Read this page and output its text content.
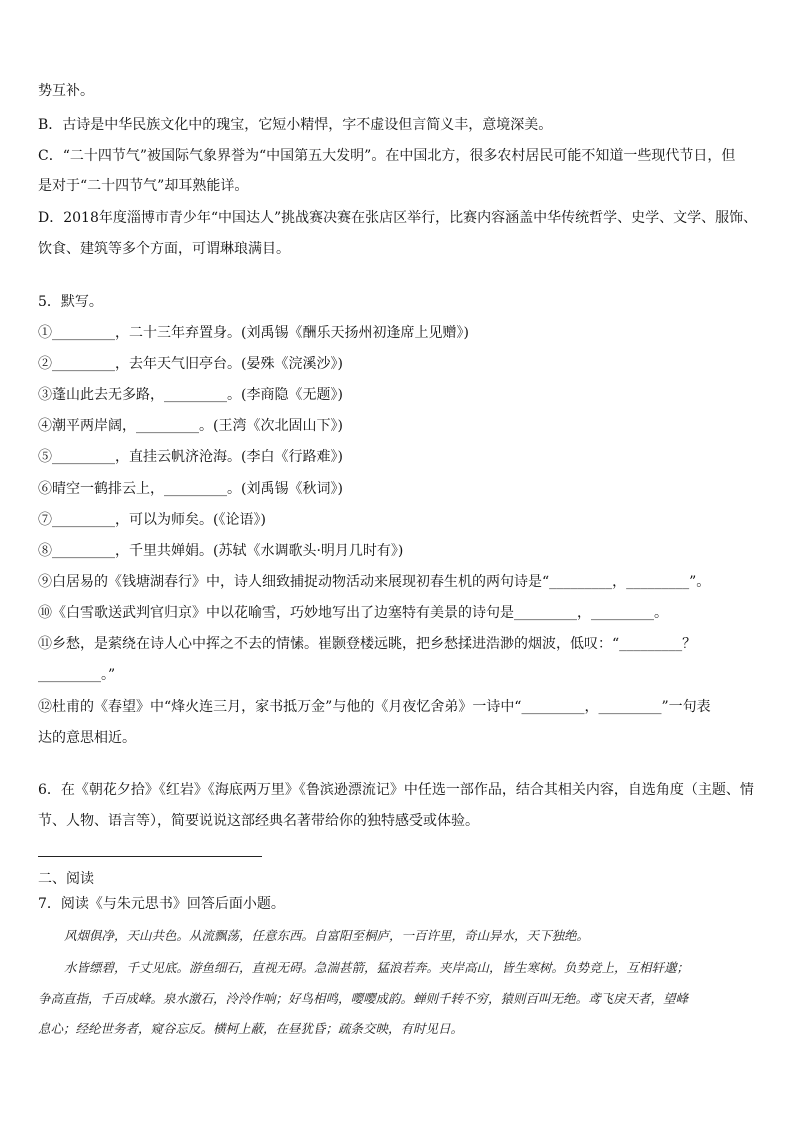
势互补。
B．古诗是中华民族文化中的瑰宝，它短小精悍，字不虚设但言简义丰，意境深美。
C．“二十四节气”被国际气象界誉为“中国第五大发明”。在中国北方，很多农村居民可能不知道一些现代节日，但
是对于“二十四节气”却耳熟能详。
D．2018年度淄博市青少年“中国达人”挑战赛决赛在张店区举行，比赛内容涵盖中华传统哲学、史学、文学、服饰、
饮食、建筑等多个方面，可谓琳琅满目。
5．默写。
①_________，二十三年弃置身。(刘禹锡《酬乐天扬州初逢席上见赠》)
②_________，去年天气旧亭台。(晏殊《浣溪沙》)
③蓬山此去无多路，_________。(李商隐《无题》)
④潮平两岸阔，_________。(王湾《次北固山下》)
⑤_________，直挂云帆济沧海。(李白《行路难》)
⑥晴空一鹤排云上，_________。(刘禹锡《秋词》)
⑦_________，可以为师矣。(《论语》)
⑧_________，千里共婵娟。(苏轼《水调歌头·明月几时有》)
⑨白居易的《钱塘湖春行》中，诗人细致捕捉动物活动来展现初春生机的两句诗是“_________，_________”。
⑩《白雪歌送武判官归京》中以花喻雪，巧妙地写出了边塞特有美景的诗句是_________，_________。
⑪乡愁，是萦绕在诗人心中挥之不去的情愫。崔颢登楼远眺，把乡愁揉进浩渺的烟波，低叹：“_________？
_________。”
⑫杜甫的《春望》中“烽火连三月，家书抵万金”与他的《月夜忆舍弟》一诗中“_________，_________”一句表
达的意思相近。
6．在《朝花夕拾》《红岩》《海底两万里》《鲁滨逊漂流记》中任选一部作品，结合其相关内容，自选角度（主题、情
节、人物、语言等），简要说说这部经典名著带给你的独特感受或体验。
二、阅读
7．阅读《与朱元思书》回答后面小题。
风烟俱净，天山共色。从流飘荡，任意东西。自富阳至桐庐，一百许里，奇山异水，天下独绝。
水皆缥碧，千丈见底。游鱼细石，直视无碍。急湍甚箭，猛浪若奔。夹岸高山，皆生寒树。负势竞上，互相轩邈；
争高直指，千百成峰。泉水激石，泠泠作响；好鸟相鸣，嘤嘤成韵。蝉则千转不穷，猿则百叫无绝。鸢飞戾天者，望峰
息心；经纶世务者，窥谷忘反。横柯上蔽，在昼犹昏；疏条交映，有时见日。
